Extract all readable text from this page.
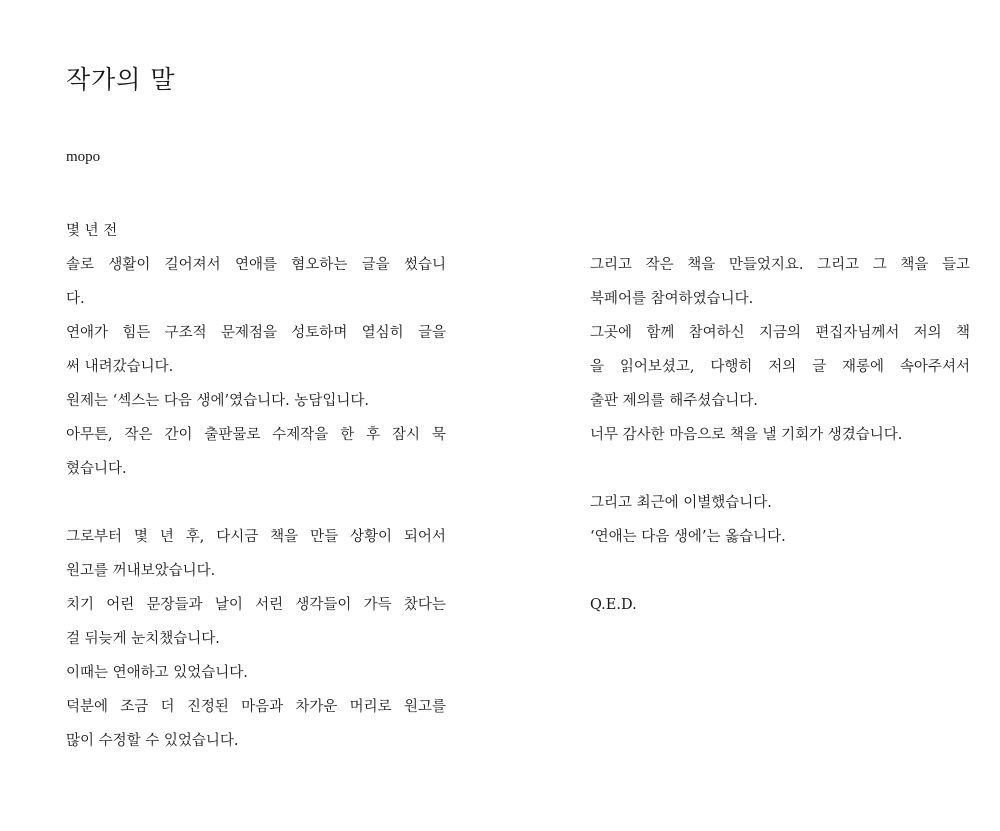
작가의 말
mopo
몇 년 전
솔로 생활이 길어져서 연애를 혐오하는 글을 썼습니
다.
연애가 힘든 구조적 문제점을 성토하며 열심히 글을
써 내려갔습니다.
원제는 ‘섹스는 다음 생에’였습니다. 농담입니다.
아무튼, 작은 간이 출판물로 수제작을 한 후 잠시 묵
혔습니다.
그로부터 몇 년 후, 다시금 책을 만들 상황이 되어서
원고를 꺼내보았습니다.
치기 어린 문장들과 날이 서린 생각들이 가득 찼다는
걸 뒤늦게 눈치챘습니다.
이때는 연애하고 있었습니다.
덕분에 조금 더 진정된 마음과 차가운 머리로 원고를
많이 수정할 수 있었습니다.
그리고 작은 책을 만들었지요. 그리고 그 책을 들고
북페어를 참여하였습니다.
그곳에 함께 참여하신 지금의 편집자님께서 저의 책
을 읽어보셨고, 다행히 저의 글 재롱에 속아주셔서
출판 제의를 해주셨습니다.
너무 감사한 마음으로 책을 낼 기회가 생겼습니다.
그리고 최근에 이별했습니다.
‘연애는 다음 생에’는 옳습니다.
Q.E.D.
